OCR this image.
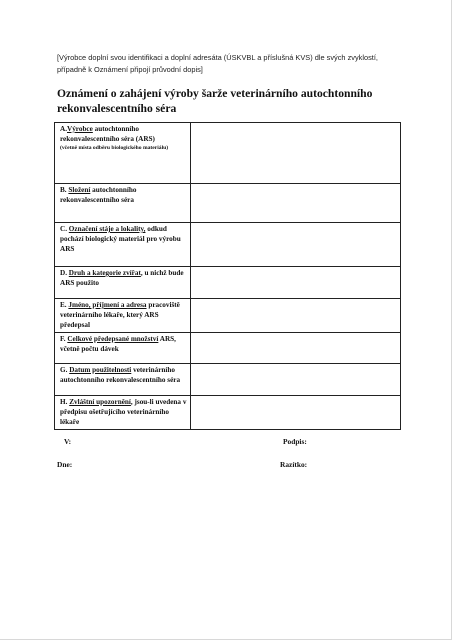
[Výrobce doplní svou identifikaci a doplní adresáta (ÚSKVBL a příslušná KVS) dle svých zvyklostí, případně k Oznámení připojí průvodní dopis]
Oznámení o zahájení výroby šarže veterinárního autochtonního rekonvalescentního séra
A.Výrobce autochtonního rekonvalescentního séra (ARS)
(včetně místa odběru biologického materiálu)	

B. Složení autochtonního rekonvalescentního séra	
C. Označení stáje a lokality, odkud pochází biologický materiál pro výrobu ARS	
D. Druh a kategorie zvířat, u nichž bude ARS použito	
E. Jméno, příjmení a adresa pracoviště veterinárního lékaře, který ARS předepsal	
F. Celkové předepsané množství ARS, včetně počtu dávek	
G. Datum použitelnosti veterinárního autochtonního rekonvalescentního séra	
H. Zvláštní upozornění, jsou-li uvedena v předpisu ošetřujícího veterinárního lékaře	
V:	Podpis:
Dne:	Razítko:
